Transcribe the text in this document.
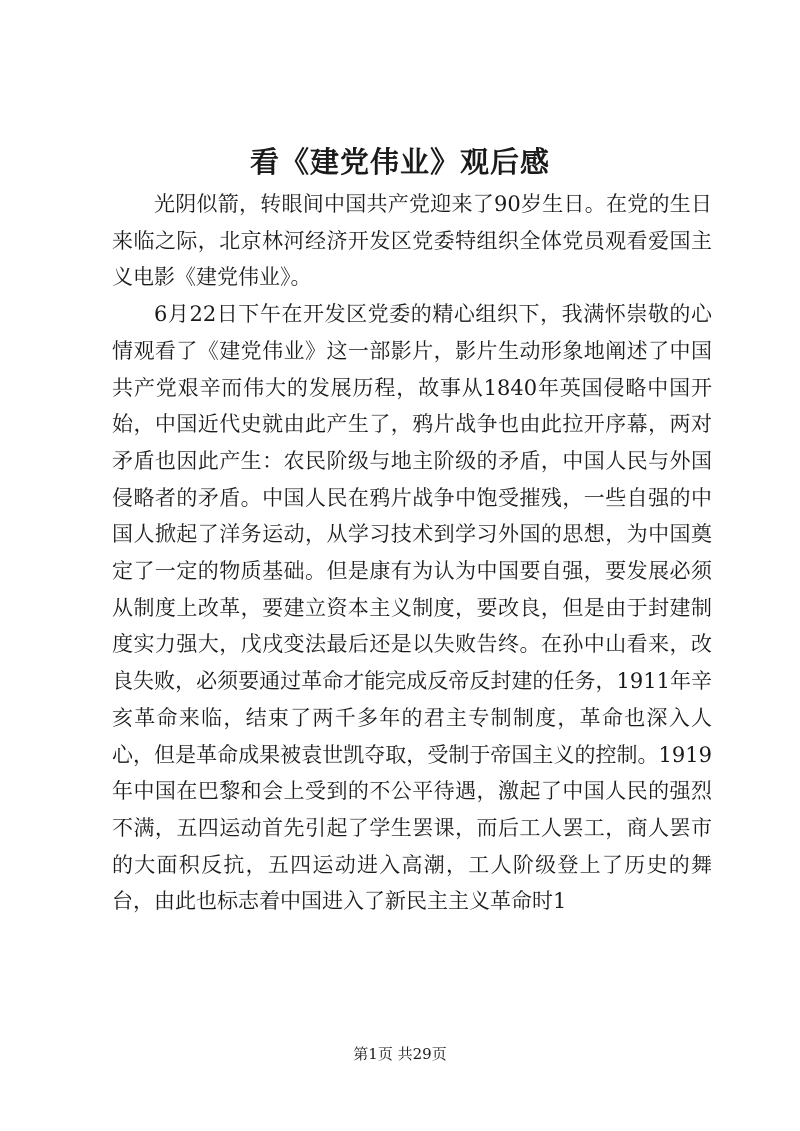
看《建党伟业》观后感

光阴似箭，转眼间中国共产党迎来了90岁生日。在党的生日来临之际，北京林河经济开发区党委特组织全体党员观看爱国主义电影《建党伟业》。

6月22日下午在开发区党委的精心组织下，我满怀崇敬的心情观看了《建党伟业》这一部影片，影片生动形象地阐述了中国共产党艰辛而伟大的发展历程，故事从1840年英国侵略中国开始，中国近代史就由此产生了，鸦片战争也由此拉开序幕，两对矛盾也因此产生：农民阶级与地主阶级的矛盾，中国人民与外国侵略者的矛盾。中国人民在鸦片战争中饱受摧残，一些自强的中国人掀起了洋务运动，从学习技术到学习外国的思想，为中国奠定了一定的物质基础。但是康有为认为中国要自强，要发展必须从制度上改革，要建立资本主义制度，要改良，但是由于封建制度实力强大，戊戌变法最后还是以失败告终。在孙中山看来，改良失败，必须要通过革命才能完成反帝反封建的任务，1911年辛亥革命来临，结束了两千多年的君主专制制度，革命也深入人心，但是革命成果被袁世凯夺取，受制于帝国主义的控制。1919年中国在巴黎和会上受到的不公平待遇，激起了中国人民的强烈不满，五四运动首先引起了学生罢课，而后工人罢工，商人罢市的大面积反抗，五四运动进入高潮，工人阶级登上了历史的舞台，由此也标志着中国进入了新民主主义革命时1

第1页 共29页
